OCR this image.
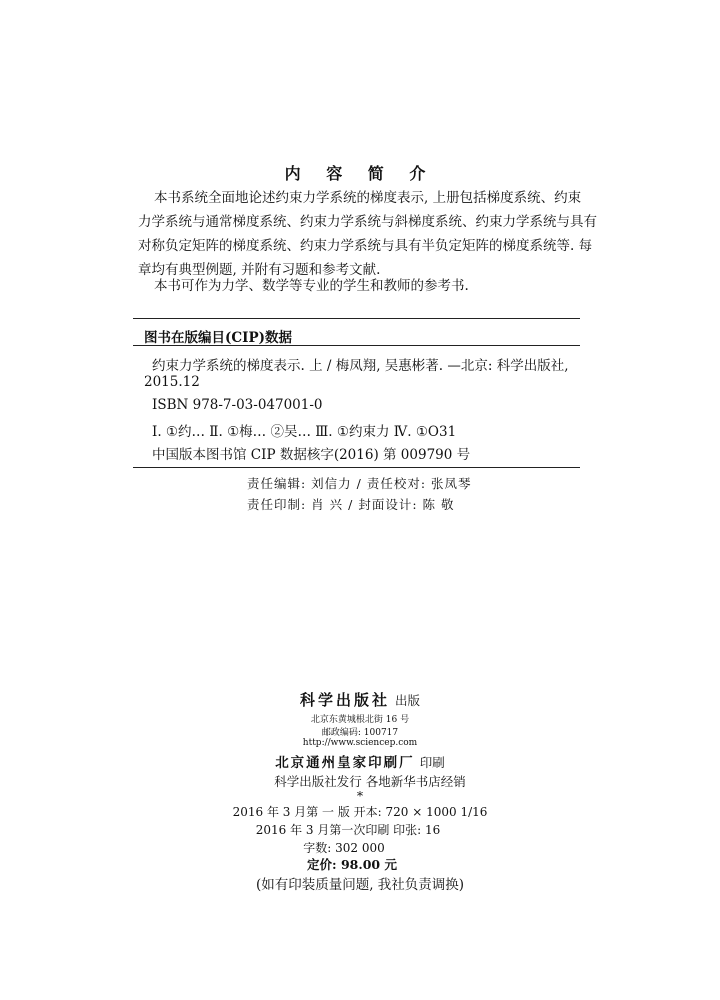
内 容 简 介
本书系统全面地论述约束力学系统的梯度表示, 上册包括梯度系统、约束
力学系统与通常梯度系统、约束力学系统与斜梯度系统、约束力学系统与具有
对称负定矩阵的梯度系统、约束力学系统与具有半负定矩阵的梯度系统等. 每
章均有典型例题, 并附有习题和参考文献.
本书可作为力学、数学等专业的学生和教师的参考书.
图书在版编目(CIP)数据
约束力学系统的梯度表示. 上 / 梅凤翔, 吴惠彬著. —北京: 科学出版社,
2015.12
ISBN 978-7-03-047001-0
Ⅰ. ①约… Ⅱ. ①梅… ②吴… Ⅲ. ①约束力 Ⅳ. ①O31
中国版本图书馆 CIP 数据核字(2016) 第 009790 号
责任编辑: 刘信力 / 责任校对: 张凤琴
责任印制: 肖 兴 / 封面设计: 陈 敬
科学出版社 出版
北京东黄城根北街 16 号
邮政编码: 100717
http://www.sciencep.com
北京通州皇家印刷厂 印刷
科学出版社发行 各地新华书店经销
*
2016 年 3 月第 一 版 开本: 720 × 1000 1/16
2016 年 3 月第一次印刷 印张: 16
字数: 302 000
定价: 98.00 元
(如有印装质量问题, 我社负责调换)
